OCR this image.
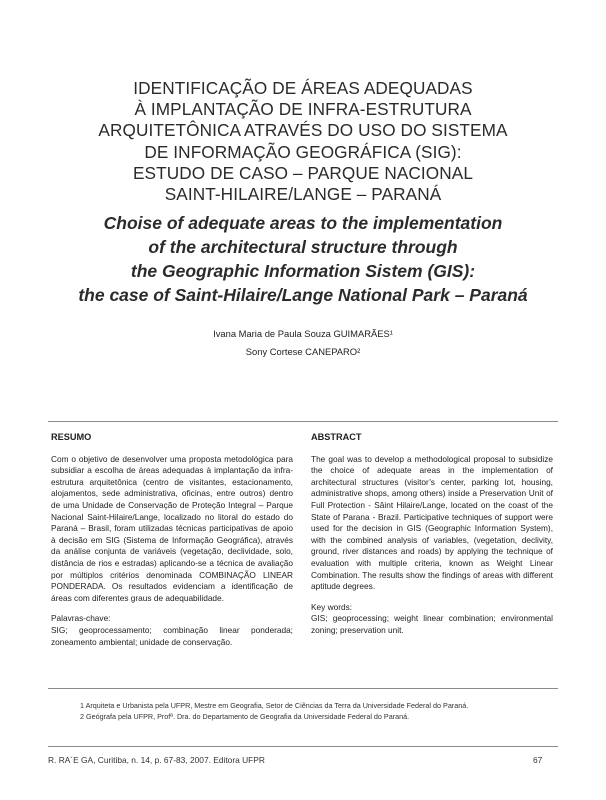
IDENTIFICAÇÃO DE ÁREAS ADEQUADAS
À IMPLANTAÇÃO DE INFRA-ESTRUTURA
ARQUITETÔNICA ATRAVÉS DO USO DO SISTEMA
DE INFORMAÇÃO GEOGRÁFICA (SIG):
ESTUDO DE CASO – PARQUE NACIONAL
SAINT-HILAIRE/LANGE – PARANÁ
Choise of adequate areas to the implementation
of the architectural structure through
the Geographic Information Sistem (GIS):
the case of Saint-Hilaire/Lange National Park – Paraná
Ivana Maria de Paula Souza GUIMARÃES¹
Sony Cortese CANEPARO²
RESUMO

Com o objetivo de desenvolver uma proposta metodológica para subsidiar a escolha de áreas adequadas à implantação da infra-estrutura arquitetônica (centro de visitantes, estacionamento, alojamentos, sede administrativa, oficinas, entre outros) dentro de uma Unidade de Conservação de Proteção Integral – Parque Nacional Saint-Hilaire/Lange, localizado no litoral do estado do Paraná – Brasil, foram utilizadas técnicas participativas de apoio à decisão em SIG (Sistema de Informação Geográfica), através da análise conjunta de variáveis (vegetação, declividade, solo, distância de rios e estradas) aplicando-se a técnica de avaliação por múltiplos critérios denominada COMBINAÇÃO LINEAR PONDERADA. Os resultados evidenciam a identificação de áreas com diferentes graus de adequabilidade.

Palavras-chave:

SIG; geoprocessamento; combinação linear ponderada; zoneamento ambiental; unidade de conservação.

ABSTRACT

The goal was to develop a methodological proposal to subsidize the choice of adequate areas in the implementation of architectural structures (visitor’s center, parking lot, housing, administrative shops, among others) inside a Preservation Unit of Full Protection - Sâint Hilaire/Lange, located on the coast of the State of Parana - Brazil. Participative techniques of support were used for the decision in GIS (Geographic Information System), with the combined analysis of variables, (vegetation, declivity, ground, river distances and roads) by applying the technique of evaluation with multiple criteria, known as Weight Linear Combination. The results show the findings of areas with different aptitude degrees.

Key words:

GIS; geoprocessing; weight linear combination; environmental zoning; preservation unit.

1 Arquiteta e Urbanista pela UFPR, Mestre em Geografia, Setor de Ciências da Terra da Universidade Federal do Paraná.
2 Geógrafa pela UFPR, Profª. Dra. do Departamento de Geografia da Universidade Federal do Paraná.
R. RA´E GA, Curitiba, n. 14, p. 67-83, 2007. Editora UFPR	67
